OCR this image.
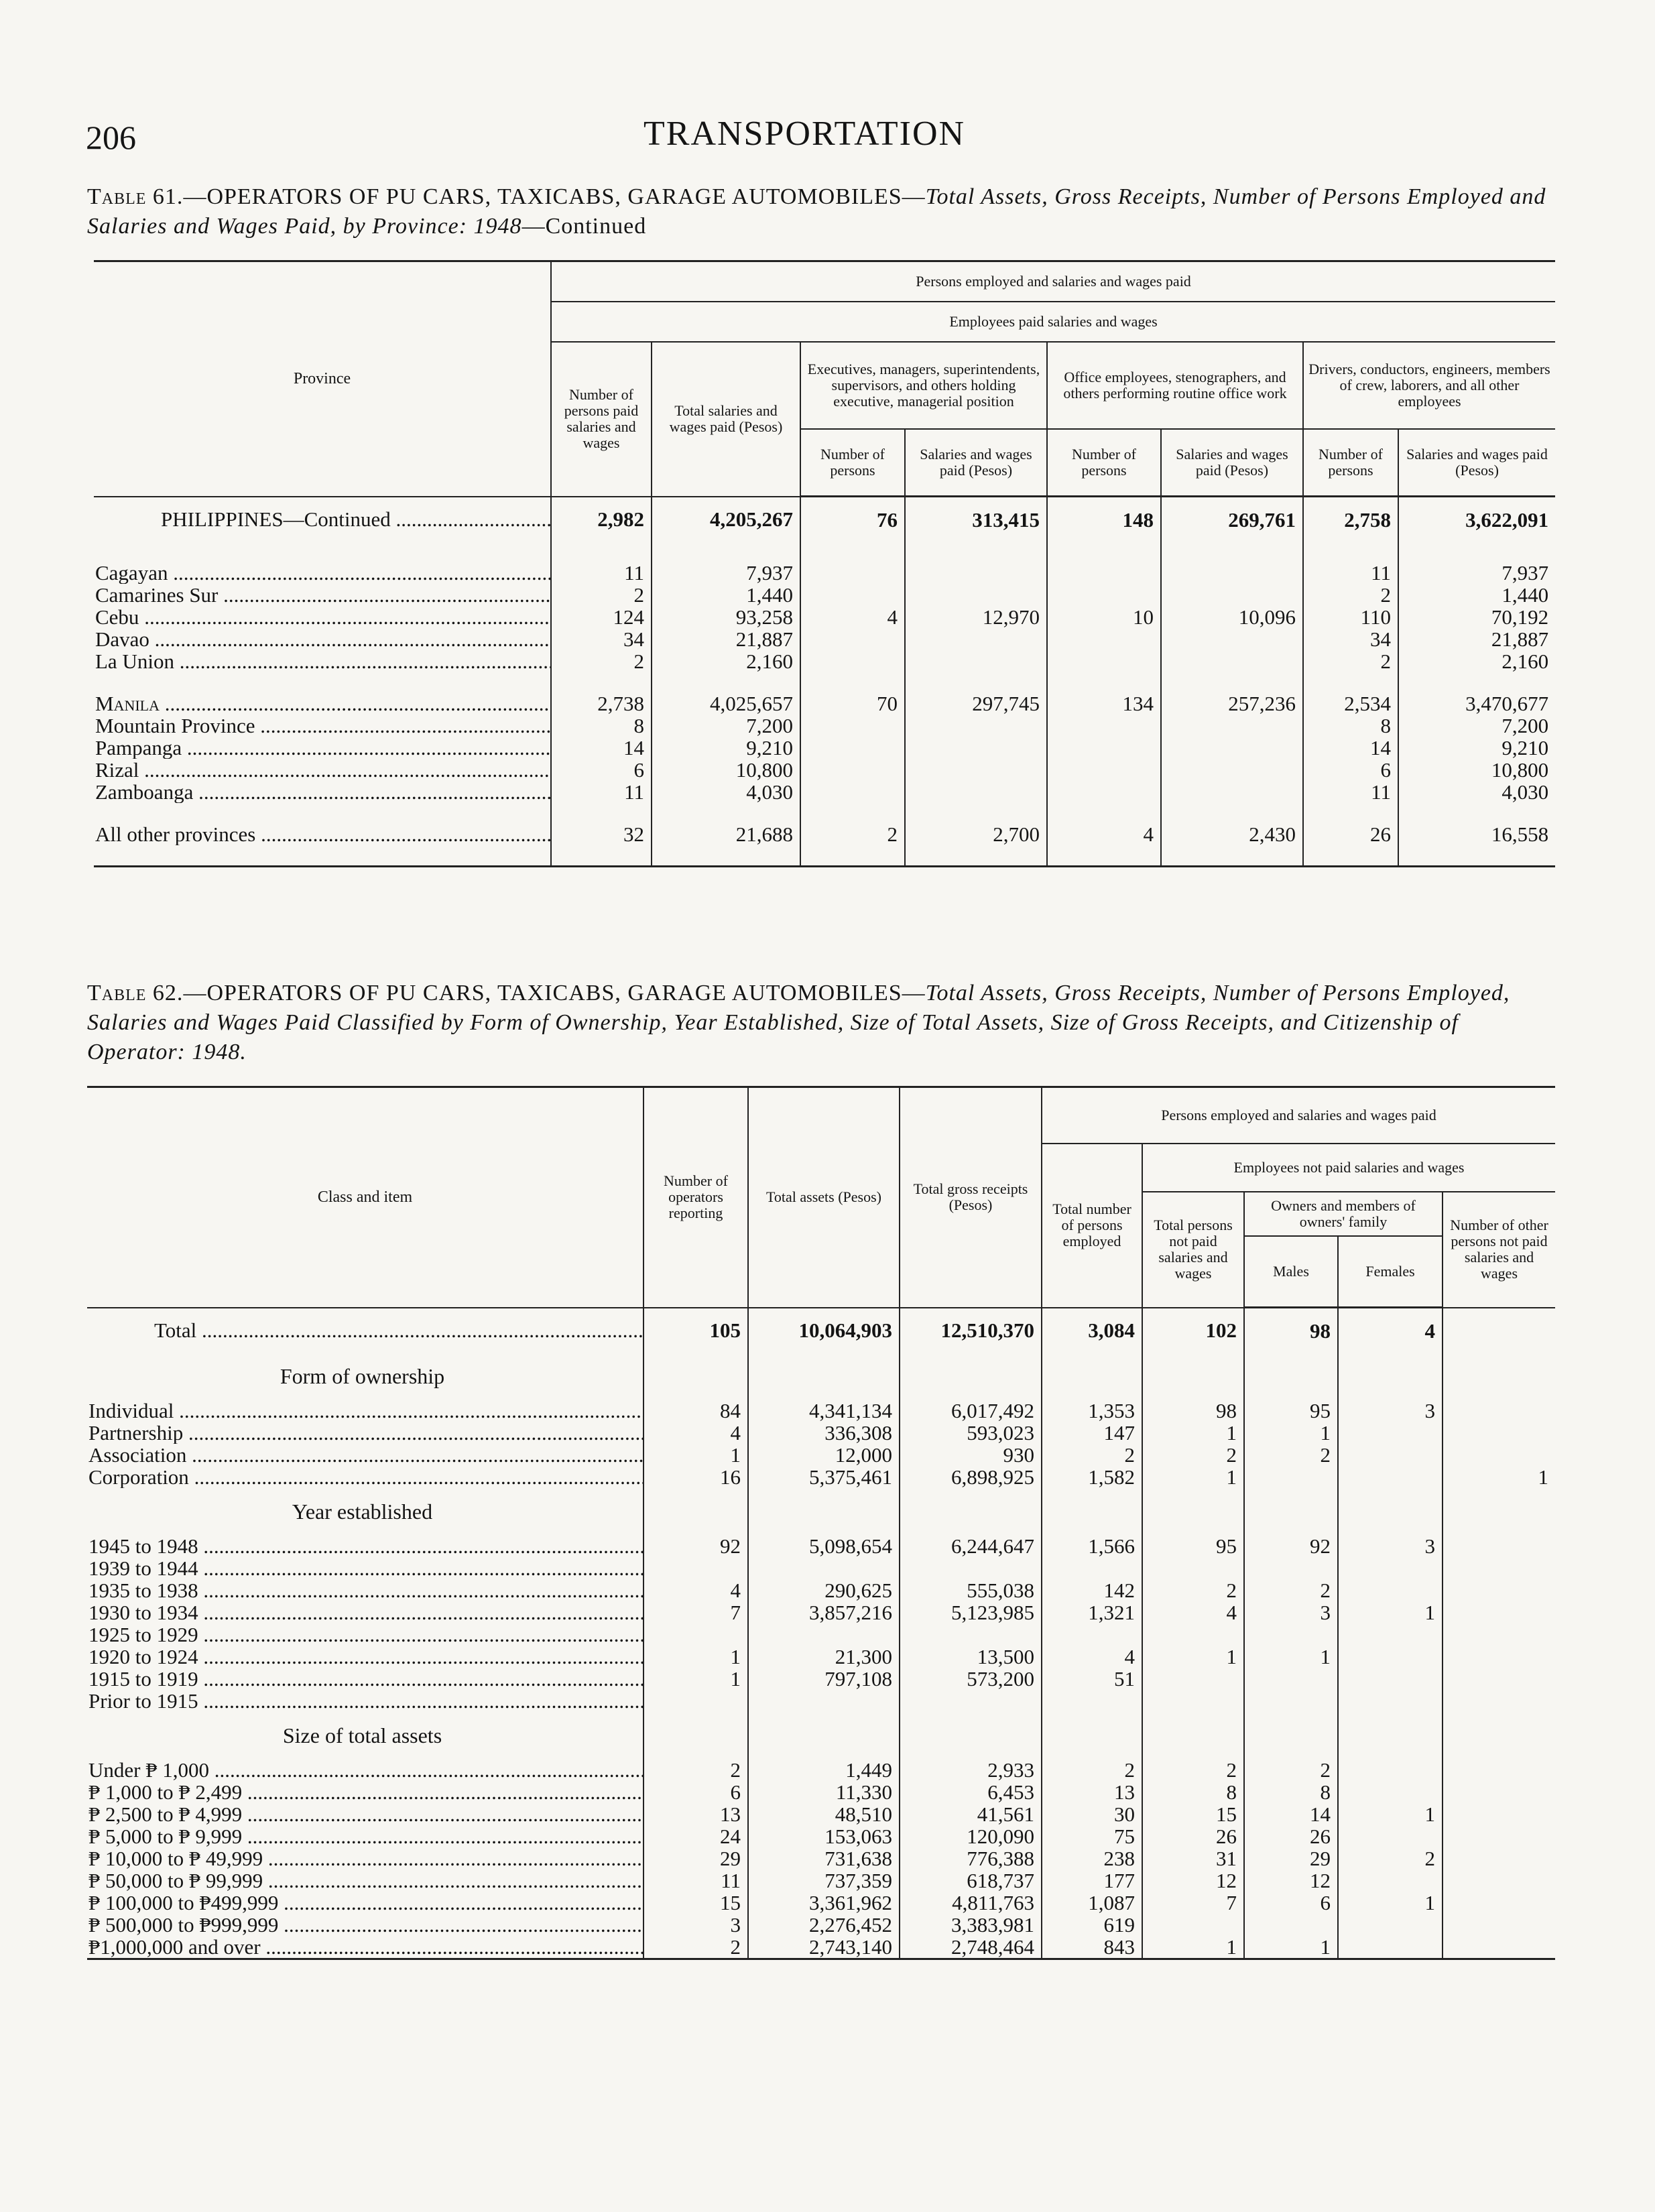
206	TRANSPORTATION
Table 61.—OPERATORS OF PU CARS, TAXICABS, GARAGE AUTOMOBILES—Total Assets, Gross Receipts, Number of Persons Employed and Salaries and Wages Paid, by Province: 1948—Continued
Province	Persons employed and salaries and wages paid							
	Employees paid salaries and wages							
	Number of persons paid salaries and wages	Total salaries and wages paid (Pesos)	Executives, managers, superintendents, supervisors, and others holding executive, managerial position		Office employees, stenographers, and others performing routine office work		Drivers, conductors, engineers, members of crew, laborers, and all other employees	
			Number of persons	Salaries and wages paid (Pesos)	Number of persons	Salaries and wages paid (Pesos)	Number of persons	Salaries and wages paid (Pesos)
PHILIPPINES—Continued .....	2,982	4,205,267	76	313,415	148	269,761	2,758	3,622,091

Cagayan .....	11	7,937					11	7,937
Camarines Sur .....	2	1,440					2	1,440
Cebu .....	124	93,258	4	12,970	10	10,096	110	70,192
Davao .....	34	21,887					34	21,887
La Union .....	2	2,160					2	2,160

Manila .....	2,738	4,025,657	70	297,745	134	257,236	2,534	3,470,677
Mountain Province .....	8	7,200					8	7,200
Pampanga .....	14	9,210					14	9,210
Rizal .....	6	10,800					6	10,800
Zamboanga .....	11	4,030					11	4,030

All other provinces .....	32	21,688	2	2,700	4	2,430	26	16,558

Table 62.—OPERATORS OF PU CARS, TAXICABS, GARAGE AUTOMOBILES—Total Assets, Gross Receipts, Number of Persons Employed, Salaries and Wages Paid Classified by Form of Ownership, Year Established, Size of Total Assets, Size of Gross Receipts, and Citizenship of Operator: 1948.
Class and item	Number of operators reporting	Total assets (Pesos)	Total gross receipts (Pesos)	Persons employed and salaries and wages paid				
				Total number of persons employed	Employees not paid salaries and wages			
					Total persons not paid salaries and wages	Owners and members of owners' family		Number of other persons not paid salaries and wages
						Males	Females	
Total .....	105	10,064,903	12,510,370	3,084	102	98	4	
Form of ownership								
Individual .....	84	4,341,134	6,017,492	1,353	98	95	3	
Partnership .....	4	336,308	593,023	147	1	1		
Association .....	1	12,000	930	2	2	2		
Corporation .....	16	5,375,461	6,898,925	1,582	1			1
Year established								
1945 to 1948 .....	92	5,098,654	6,244,647	1,566	95	92	3	
1939 to 1944 .....								
1935 to 1938 .....	4	290,625	555,038	142	2	2		
1930 to 1934 .....	7	3,857,216	5,123,985	1,321	4	3	1	
1925 to 1929 .....								
1920 to 1924 .....	1	21,300	13,500	4	1	1		
1915 to 1919 .....	1	797,108	573,200	51				
Prior to 1915 .....								
Size of total assets								
Under ₱ 1,000 .....	2	1,449	2,933	2	2	2		
₱ 1,000 to ₱ 2,499 .....	6	11,330	6,453	13	8	8		
₱ 2,500 to ₱ 4,999 .....	13	48,510	41,561	30	15	14	1	
₱ 5,000 to ₱ 9,999 .....	24	153,063	120,090	75	26	26		
₱ 10,000 to ₱ 49,999 .....	29	731,638	776,388	238	31	29	2	
₱ 50,000 to ₱ 99,999 .....	11	737,359	618,737	177	12	12		
₱ 100,000 to ₱499,999 .....	15	3,361,962	4,811,763	1,087	7	6	1	
₱ 500,000 to ₱999,999 .....	3	2,276,452	3,383,981	619				
₱1,000,000 and over .....	2	2,743,140	2,748,464	843	1	1		
